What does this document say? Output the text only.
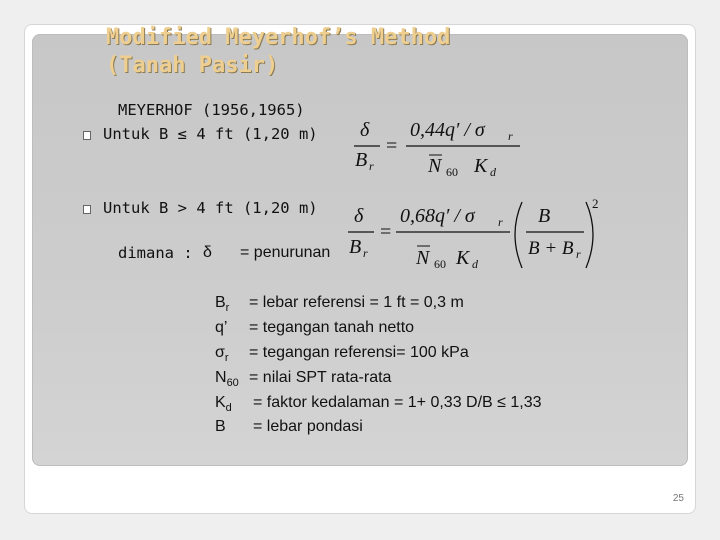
Modified Meyerhof’s Method
(Tanah Pasir)
MEYERHOF (1956,1965)
Untuk B ≤ 4 ft (1,20 m)
Untuk B > 4 ft (1,20 m)
δ
B r
=
0,44q′ / σ r
N 60 K d
δ
B r
=
0,68q′ / σ r
N 60 K d
B
B + B r
2
dimana : δ = penurunan
$B_r$ = lebar referensi = 1 ft = 0,3 m
q’ = tegangan tanah netto
$\sigma_r$ = tegangan referensi= 100 kPa
$N_{60}$ = nilai SPT rata-rata
$K_d$ = faktor kedalaman = 1+ 0,33 D/B ≤ 1,33
B = lebar pondasi
25
